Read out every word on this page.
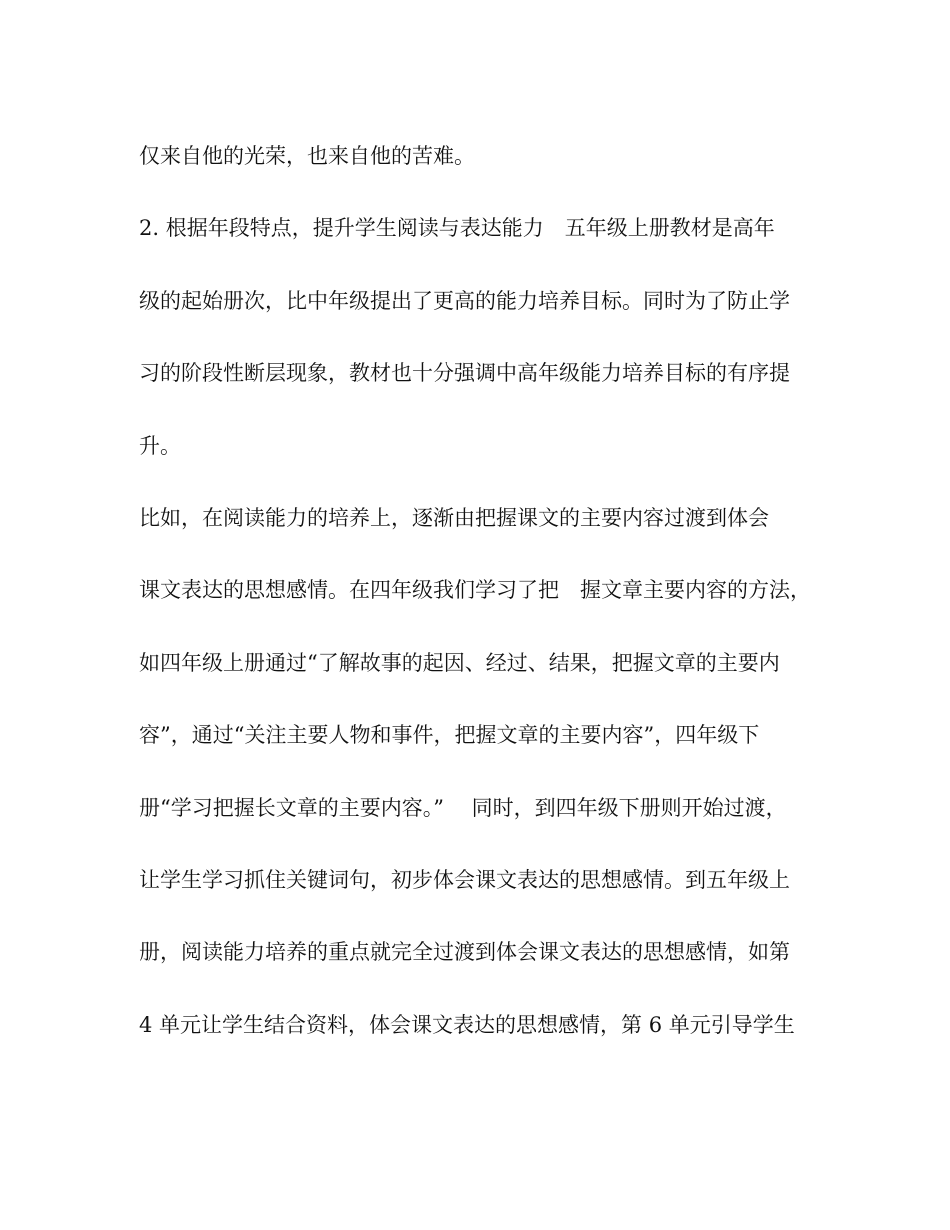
仅来自他的光荣，也来自他的苦难。
2. 根据年段特点，提升学生阅读与表达能力　五年级上册教材是高年
级的起始册次，比中年级提出了更高的能力培养目标。同时为了防止学
习的阶段性断层现象，教材也十分强调中高年级能力培养目标的有序提
升。
比如，在阅读能力的培养上，逐渐由把握课文的主要内容过渡到体会
课文表达的思想感情。在四年级我们学习了把　握文章主要内容的方法，
如四年级上册通过“了解故事的起因、经过、结果，把握文章的主要内
容”，通过“关注主要人物和事件，把握文章的主要内容”，四年级下
册“学习把握长文章的主要内容。”　 同时，到四年级下册则开始过渡，
让学生学习抓住关键词句，初步体会课文表达的思想感情。到五年级上
册，阅读能力培养的重点就完全过渡到体会课文表达的思想感情，如第
4 单元让学生结合资料，体会课文表达的思想感情，第 6 单元引导学生
